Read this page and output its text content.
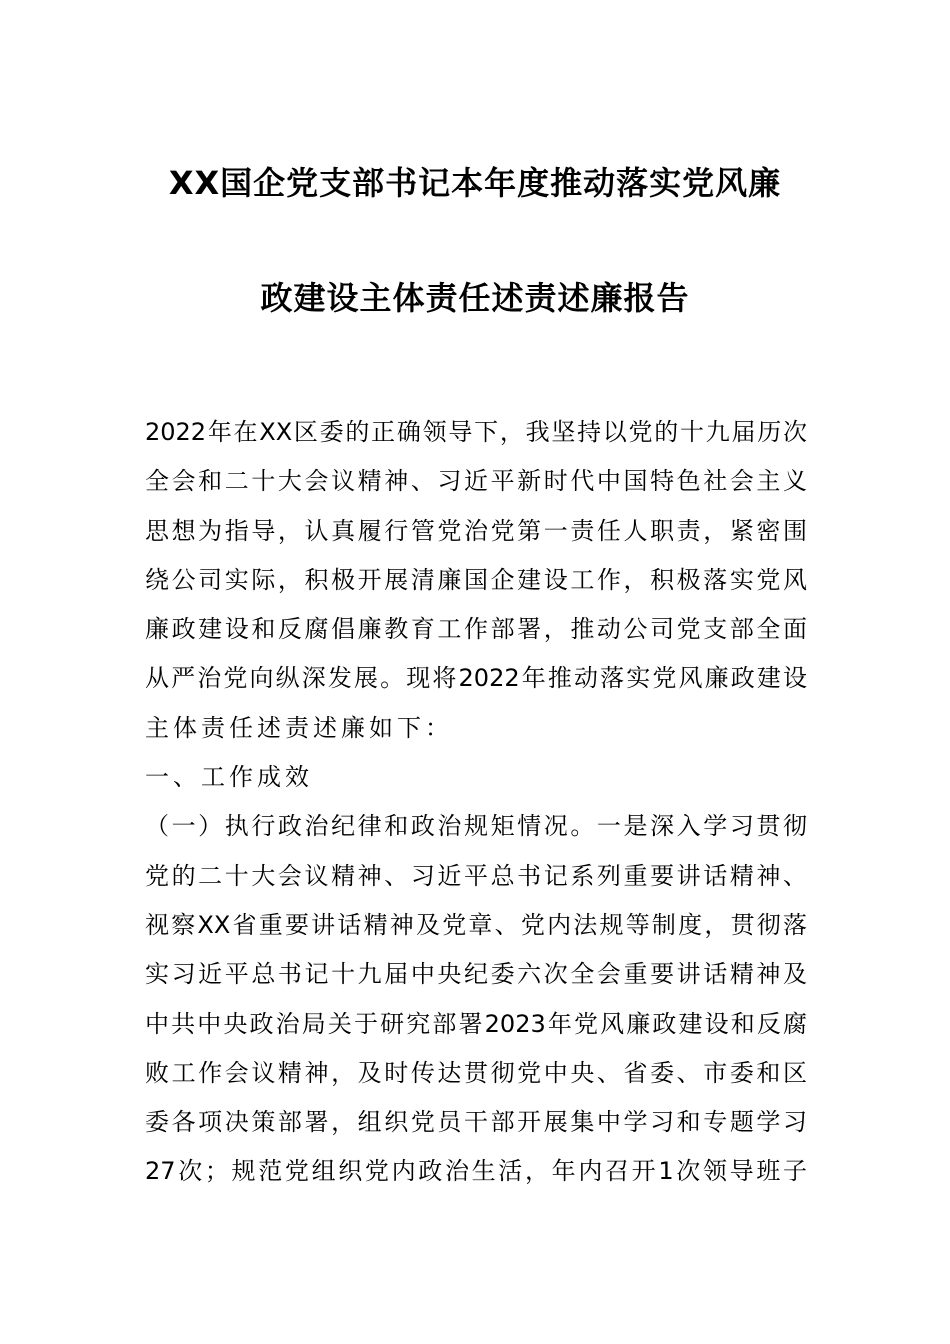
XX国企党支部书记本年度推动落实党风廉
政建设主体责任述责述廉报告
2022年在XX区委的正确领导下，我坚持以党的十九届历次
全会和二十大会议精神、习近平新时代中国特色社会主义
思想为指导，认真履行管党治党第一责任人职责，紧密围
绕公司实际，积极开展清廉国企建设工作，积极落实党风
廉政建设和反腐倡廉教育工作部署，推动公司党支部全面
从严治党向纵深发展。现将2022年推动落实党风廉政建设
主体责任述责述廉如下：
一、工作成效
（一）执行政治纪律和政治规矩情况。一是深入学习贯彻
党的二十大会议精神、习近平总书记系列重要讲话精神、
视察XX省重要讲话精神及党章、党内法规等制度，贯彻落
实习近平总书记十九届中央纪委六次全会重要讲话精神及
中共中央政治局关于研究部署2023年党风廉政建设和反腐
败工作会议精神，及时传达贯彻党中央、省委、市委和区
委各项决策部署，组织党员干部开展集中学习和专题学习
27次；规范党组织党内政治生活，年内召开1次领导班子
